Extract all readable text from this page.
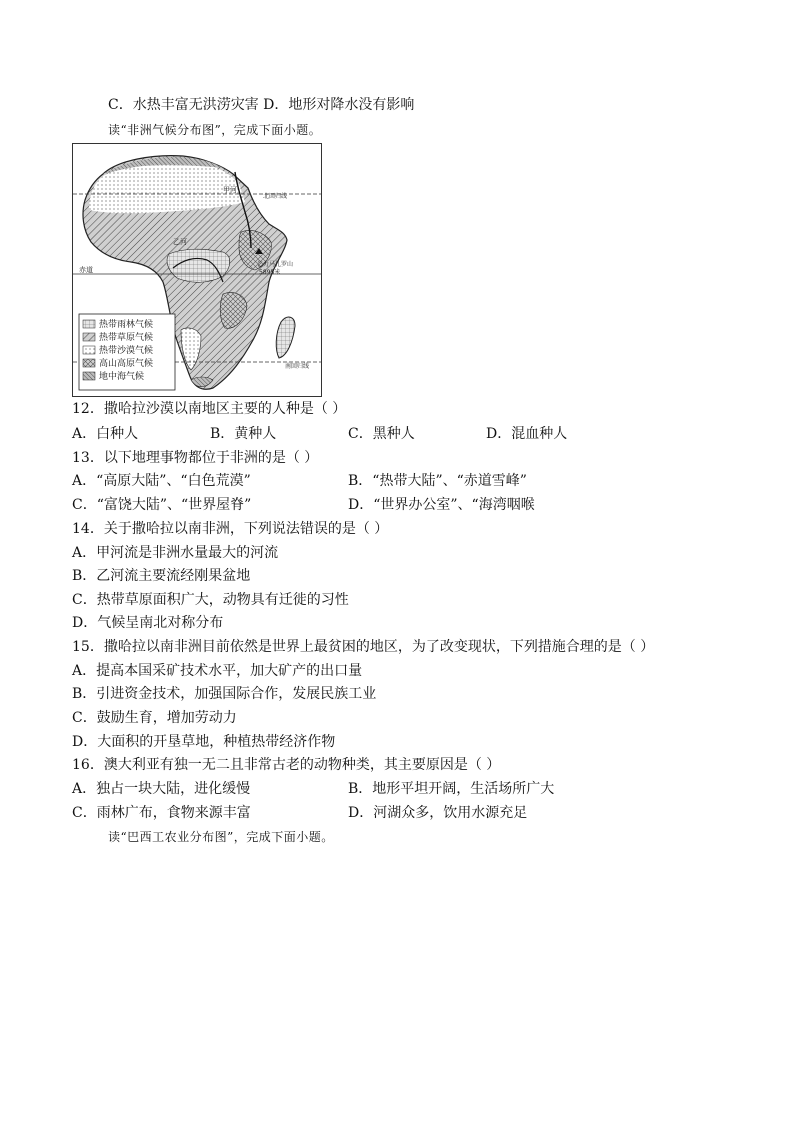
C．水热丰富无洪涝灾害 D．地形对降水没有影响
读“非洲气候分布图”，完成下面小题。
甲河
北回归线
赤道
乙河
乞力马扎罗山
5895米
南回归线
热带雨林气候
热带草原气候
热带沙漠气候
高山高原气候
地中海气候
12．撒哈拉沙漠以南地区主要的人种是（ ）
A．白种人	B．黄种人	C．黑种人	D．混血种人
13．以下地理事物都位于非洲的是（ ）
A．“高原大陆”、“白色荒漠”	B．“热带大陆”、“赤道雪峰”
C．“富饶大陆”、“世界屋脊”	D．“世界办公室”、“海湾咽喉
14．关于撒哈拉以南非洲，下列说法错误的是（ ）
A．甲河流是非洲水量最大的河流
B．乙河流主要流经刚果盆地
C．热带草原面积广大，动物具有迁徙的习性
D．气候呈南北对称分布
15．撒哈拉以南非洲目前依然是世界上最贫困的地区，为了改变现状，下列措施合理的是（ ）
A．提高本国采矿技术水平，加大矿产的出口量
B．引进资金技术，加强国际合作，发展民族工业
C．鼓励生育，增加劳动力
D．大面积的开垦草地，种植热带经济作物
16．澳大利亚有独一无二且非常古老的动物种类，其主要原因是（ ）
A．独占一块大陆，进化缓慢	B．地形平坦开阔，生活场所广大
C．雨林广布，食物来源丰富	D．河湖众多，饮用水源充足
读“巴西工农业分布图”，完成下面小题。
